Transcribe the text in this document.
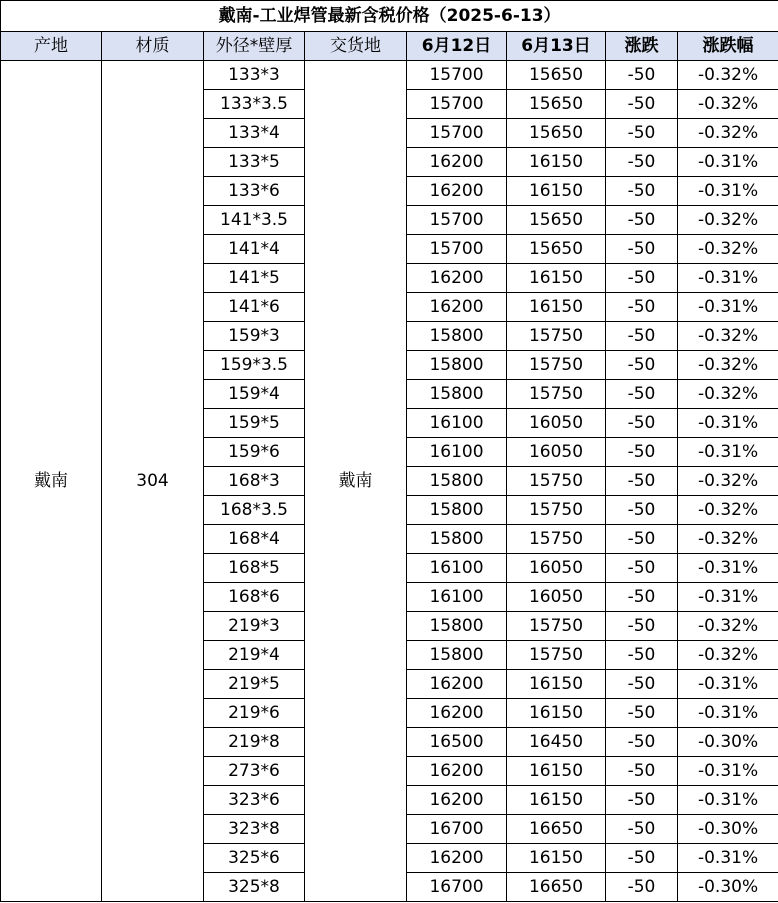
戴南-工业焊管最新含税价格（2025-6-13）							
产地	材质	外径*壁厚	交货地	6月12日	6月13日	涨跌	涨跌幅
戴南	304	133*3	戴南	15700	15650	-50	-0.32%
		133*3.5		15700	15650	-50	-0.32%
		133*4		15700	15650	-50	-0.32%
		133*5		16200	16150	-50	-0.31%
		133*6		16200	16150	-50	-0.31%
		141*3.5		15700	15650	-50	-0.32%
		141*4		15700	15650	-50	-0.32%
		141*5		16200	16150	-50	-0.31%
		141*6		16200	16150	-50	-0.31%
		159*3		15800	15750	-50	-0.32%
		159*3.5		15800	15750	-50	-0.32%
		159*4		15800	15750	-50	-0.32%
		159*5		16100	16050	-50	-0.31%
		159*6		16100	16050	-50	-0.31%
		168*3		15800	15750	-50	-0.32%
		168*3.5		15800	15750	-50	-0.32%
		168*4		15800	15750	-50	-0.32%
		168*5		16100	16050	-50	-0.31%
		168*6		16100	16050	-50	-0.31%
		219*3		15800	15750	-50	-0.32%
		219*4		15800	15750	-50	-0.32%
		219*5		16200	16150	-50	-0.31%
		219*6		16200	16150	-50	-0.31%
		219*8		16500	16450	-50	-0.30%
		273*6		16200	16150	-50	-0.31%
		323*6		16200	16150	-50	-0.31%
		323*8		16700	16650	-50	-0.30%
		325*6		16200	16150	-50	-0.31%
		325*8		16700	16650	-50	-0.30%
